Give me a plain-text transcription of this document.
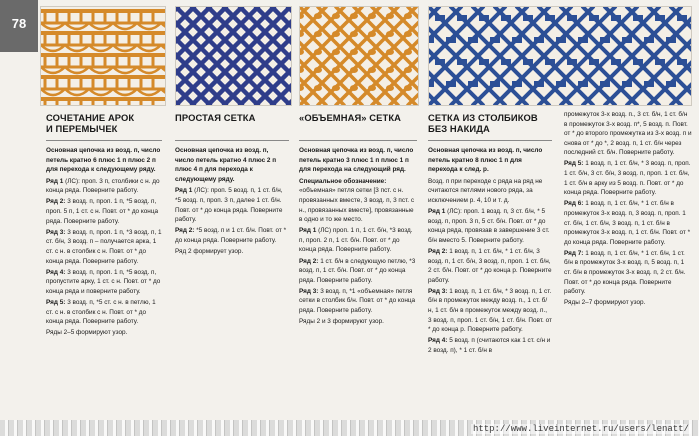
78
СОЧЕТАНИЕ АРОК
И ПЕРЕМЫЧЕК

Основная цепочка из возд. п, число петель кратно 6 плюс 1 п плюс 2 п для перехода к следующему ряду.

Ряд 1 (ЛС): проп. 3 п, столбики с н. до конца ряда. Поверните работу.

Ряд 2: 3 возд. п, проп. 1 п, *5 возд. п, проп. 5 п, 1 ст. с н. Повт. от * до конца ряда. Поверните работу.

Ряд 3: 3 возд. п, проп. 1 п, *3 возд. п, 1 ст. б/н, 3 возд. п – получается арка, 1 ст. с н. в столбик с н. Повт. от * до конца ряда. Поверните работу.

Ряд 4: 3 возд. п, проп. 1 п, *5 возд. п, пропустите арку, 1 ст. с н. Повт. от * до конца ряда и поверните работу.

Ряд 5: 3 возд. п, *5 ст. с н. в петлю, 1 ст. с н. в столбик с н. Повт. от * до конца ряда. Поверните работу.

Ряды 2–5 формируют узор.

ПРОСТАЯ СЕТКА

Основная цепочка из возд. п, число петель кратно 4 плюс 2 п плюс 4 п для перехода к следующему ряду.

Ряд 1 (ЛС): проп. 5 возд. п, 1 ст. б/н, *5 возд. п, проп. 3 п, далее 1 ст. б/н. Повт. от * до конца ряда. Поверните работу.

Ряд 2: *5 возд. п и 1 ст. б/н. Повт. от * до конца ряда. Поверните работу.

Ряд 2 формирует узор.

«ОБЪЕМНАЯ» СЕТКА

Основная цепочка из возд. п, число петель кратно 3 плюс 1 п плюс 1 п для перехода на следующий ряд.

Специальное обозначение: «объемная» петля сетки [3 пст. с н. провязанных вместе, 3 возд. п, 3 пст. с н., провязанных вместе], провязанные в одно и то же место.

Ряд 1 (ЛС) проп. 1 п, 1 ст. б/н, *3 возд. п, проп. 2 п, 1 ст. б/н. Повт. от * до конца ряда. Поверните работу.

Ряд 2: 1 ст. б/н в следующую петлю, *3 возд. п, 1 ст. б/н. Повт. от * до конца ряда. Поверните работу.

Ряд 3: 3 возд. п, *1 «объемная» петля сетки в столбик б/н. Повт. от * до конца ряда. Поверните работу.

Ряды 2 и 3 формируют узор.

СЕТКА ИЗ СТОЛБИКОВ
БЕЗ НАКИДА

Основная цепочка из возд. п, число петель кратно 8 плюс 1 п для перехода к след. р.

Возд. п при переходе с ряда на ряд не считаются петлями нового ряда, за исключением р. 4, 10 и т. д.

Ряд 1 (ЛС): проп. 1 возд. п, 3 ст. б/н, * 5 возд. п, проп. 3 п, 5 ст. б/н. Повт. от * до конца ряда, провязав в завершение 3 ст. б/н вместо 5. Поверните работу.

Ряд 2: 1 возд. п, 1 ст. б/н, * 1 ст. б/н, 3 возд. п, 1 ст. б/н, 3 возд. п, проп. 1 ст. б/н, 2 ст. б/н. Повт. от * до конца р. Поверните работу.

Ряд 3: 1 возд. п, 1 ст. б/н, * 3 возд. п, 1 ст. б/н в промежуток между возд. п., 1 ст. б/н, 1 ст. б/н в промежуток между возд. п., 3 возд. п, проп. 1 ст. б/н, 1 ст. б/н. Повт. от * до конца р. Поверните работу.

Ряд 4: 5 возд. п (считаются как 1 ст. с/н и 2 возд. п), * 1 ст. б/н в

промежуток 3-х возд. п., 3 ст. б/н, 1 ст. б/н в промежуток 3-х возд. п*, 5 возд. п. Повт. от * до второго промежутка из 3-х возд. п и снова от * до *, 2 возд. п, 1 ст. б/н через последний ст. б/н. Поверните работу.

Ряд 5: 1 возд. п, 1 ст. б/н, * 3 возд. п, проп. 1 ст. б/н, 3 ст. б/н, 3 возд. п, проп. 1 ст. б/н, 1 ст. б/н в арку из 5 возд. п. Повт. от * до конца ряда. Поверните работу.

Ряд 6: 1 возд. п, 1 ст. б/н, * 1 ст. б/н в промежуток 3-х возд. п, 3 возд. п, проп. 1 ст. б/н, 1 ст. б/н, 3 возд. п, 1 ст. б/н в промежуток 3-х возд. п, 1 ст. б/н. Повт. от * до конца ряда. Поверните работу.

Ряд 7: 1 возд. п, 1 ст. б/н, * 1 ст. б/н, 1 ст. б/н в промежуток 3-х возд. п, 5 возд. п, 1 ст. б/н в промежуток 3-х возд. п, 2 ст. б/н. Повт. от * до конца ряда. Поверните работу.

Ряды 2–7 формируют узор.

http://www.liveinternet.ru/users/lenatt/
